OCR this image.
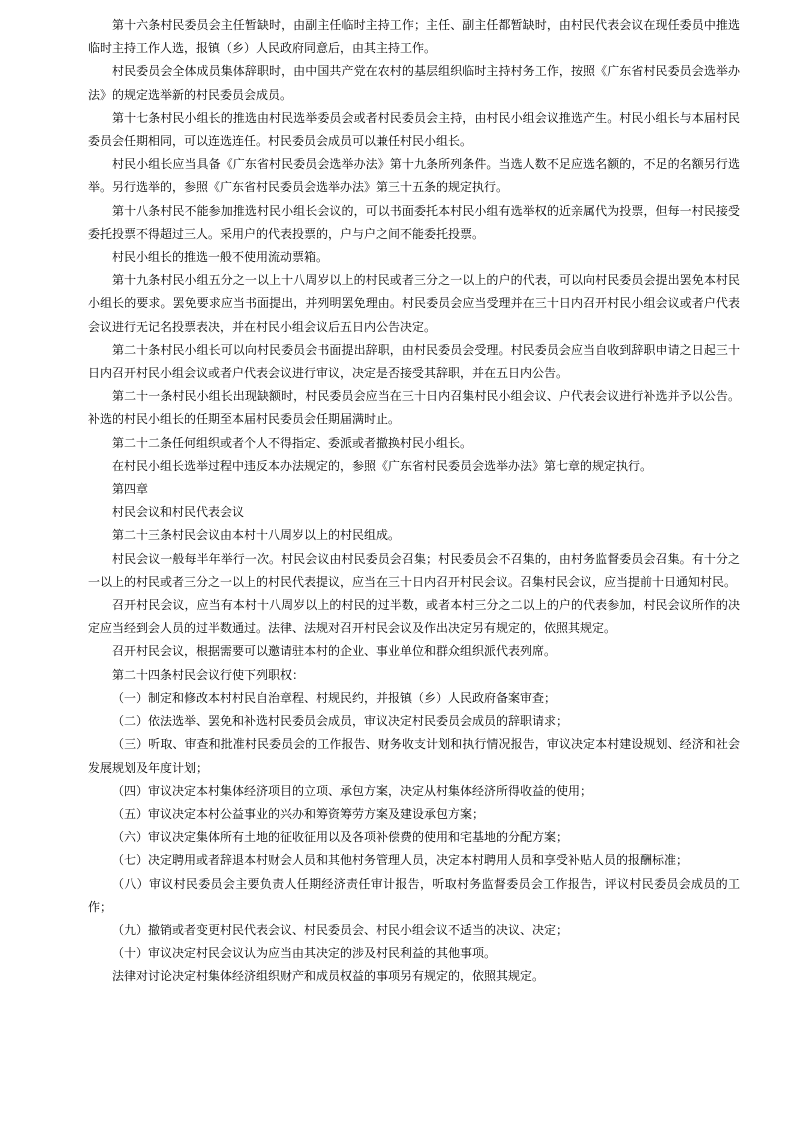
第十六条村民委员会主任暂缺时，由副主任临时主持工作；主任、副主任都暂缺时，由村民代表会议在现任委员中推选临时主持工作人选，报镇（乡）人民政府同意后，由其主持工作。

村民委员会全体成员集体辞职时，由中国共产党在农村的基层组织临时主持村务工作，按照《广东省村民委员会选举办法》的规定选举新的村民委员会成员。

第十七条村民小组长的推选由村民选举委员会或者村民委员会主持，由村民小组会议推选产生。村民小组长与本届村民委员会任期相同，可以连选连任。村民委员会成员可以兼任村民小组长。

村民小组长应当具备《广东省村民委员会选举办法》第十九条所列条件。当选人数不足应选名额的，不足的名额另行选举。另行选举的，参照《广东省村民委员会选举办法》第三十五条的规定执行。

第十八条村民不能参加推选村民小组长会议的，可以书面委托本村民小组有选举权的近亲属代为投票，但每一村民接受委托投票不得超过三人。采用户的代表投票的，户与户之间不能委托投票。

村民小组长的推选一般不使用流动票箱。

第十九条村民小组五分之一以上十八周岁以上的村民或者三分之一以上的户的代表，可以向村民委员会提出罢免本村民小组长的要求。罢免要求应当书面提出，并列明罢免理由。村民委员会应当受理并在三十日内召开村民小组会议或者户代表会议进行无记名投票表决，并在村民小组会议后五日内公告决定。

第二十条村民小组长可以向村民委员会书面提出辞职，由村民委员会受理。村民委员会应当自收到辞职申请之日起三十日内召开村民小组会议或者户代表会议进行审议，决定是否接受其辞职，并在五日内公告。

第二十一条村民小组长出现缺额时，村民委员会应当在三十日内召集村民小组会议、户代表会议进行补选并予以公告。补选的村民小组长的任期至本届村民委员会任期届满时止。

第二十二条任何组织或者个人不得指定、委派或者撤换村民小组长。

在村民小组长选举过程中违反本办法规定的，参照《广东省村民委员会选举办法》第七章的规定执行。

第四章

村民会议和村民代表会议

第二十三条村民会议由本村十八周岁以上的村民组成。

村民会议一般每半年举行一次。村民会议由村民委员会召集；村民委员会不召集的，由村务监督委员会召集。有十分之一以上的村民或者三分之一以上的村民代表提议，应当在三十日内召开村民会议。召集村民会议，应当提前十日通知村民。

召开村民会议，应当有本村十八周岁以上的村民的过半数，或者本村三分之二以上的户的代表参加，村民会议所作的决定应当经到会人员的过半数通过。法律、法规对召开村民会议及作出决定另有规定的，依照其规定。

召开村民会议，根据需要可以邀请驻本村的企业、事业单位和群众组织派代表列席。

第二十四条村民会议行使下列职权：

（一）制定和修改本村村民自治章程、村规民约，并报镇（乡）人民政府备案审查；

（二）依法选举、罢免和补选村民委员会成员，审议决定村民委员会成员的辞职请求；

（三）听取、审查和批准村民委员会的工作报告、财务收支计划和执行情况报告，审议决定本村建设规划、经济和社会发展规划及年度计划；

（四）审议决定本村集体经济项目的立项、承包方案，决定从村集体经济所得收益的使用；

（五）审议决定本村公益事业的兴办和筹资筹劳方案及建设承包方案；

（六）审议决定集体所有土地的征收征用以及各项补偿费的使用和宅基地的分配方案；

（七）决定聘用或者辞退本村财会人员和其他村务管理人员，决定本村聘用人员和享受补贴人员的报酬标准；

（八）审议村民委员会主要负责人任期经济责任审计报告，听取村务监督委员会工作报告，评议村民委员会成员的工作；

（九）撤销或者变更村民代表会议、村民委员会、村民小组会议不适当的决议、决定；

（十）审议决定村民会议认为应当由其决定的涉及村民利益的其他事项。

法律对讨论决定村集体经济组织财产和成员权益的事项另有规定的，依照其规定。
